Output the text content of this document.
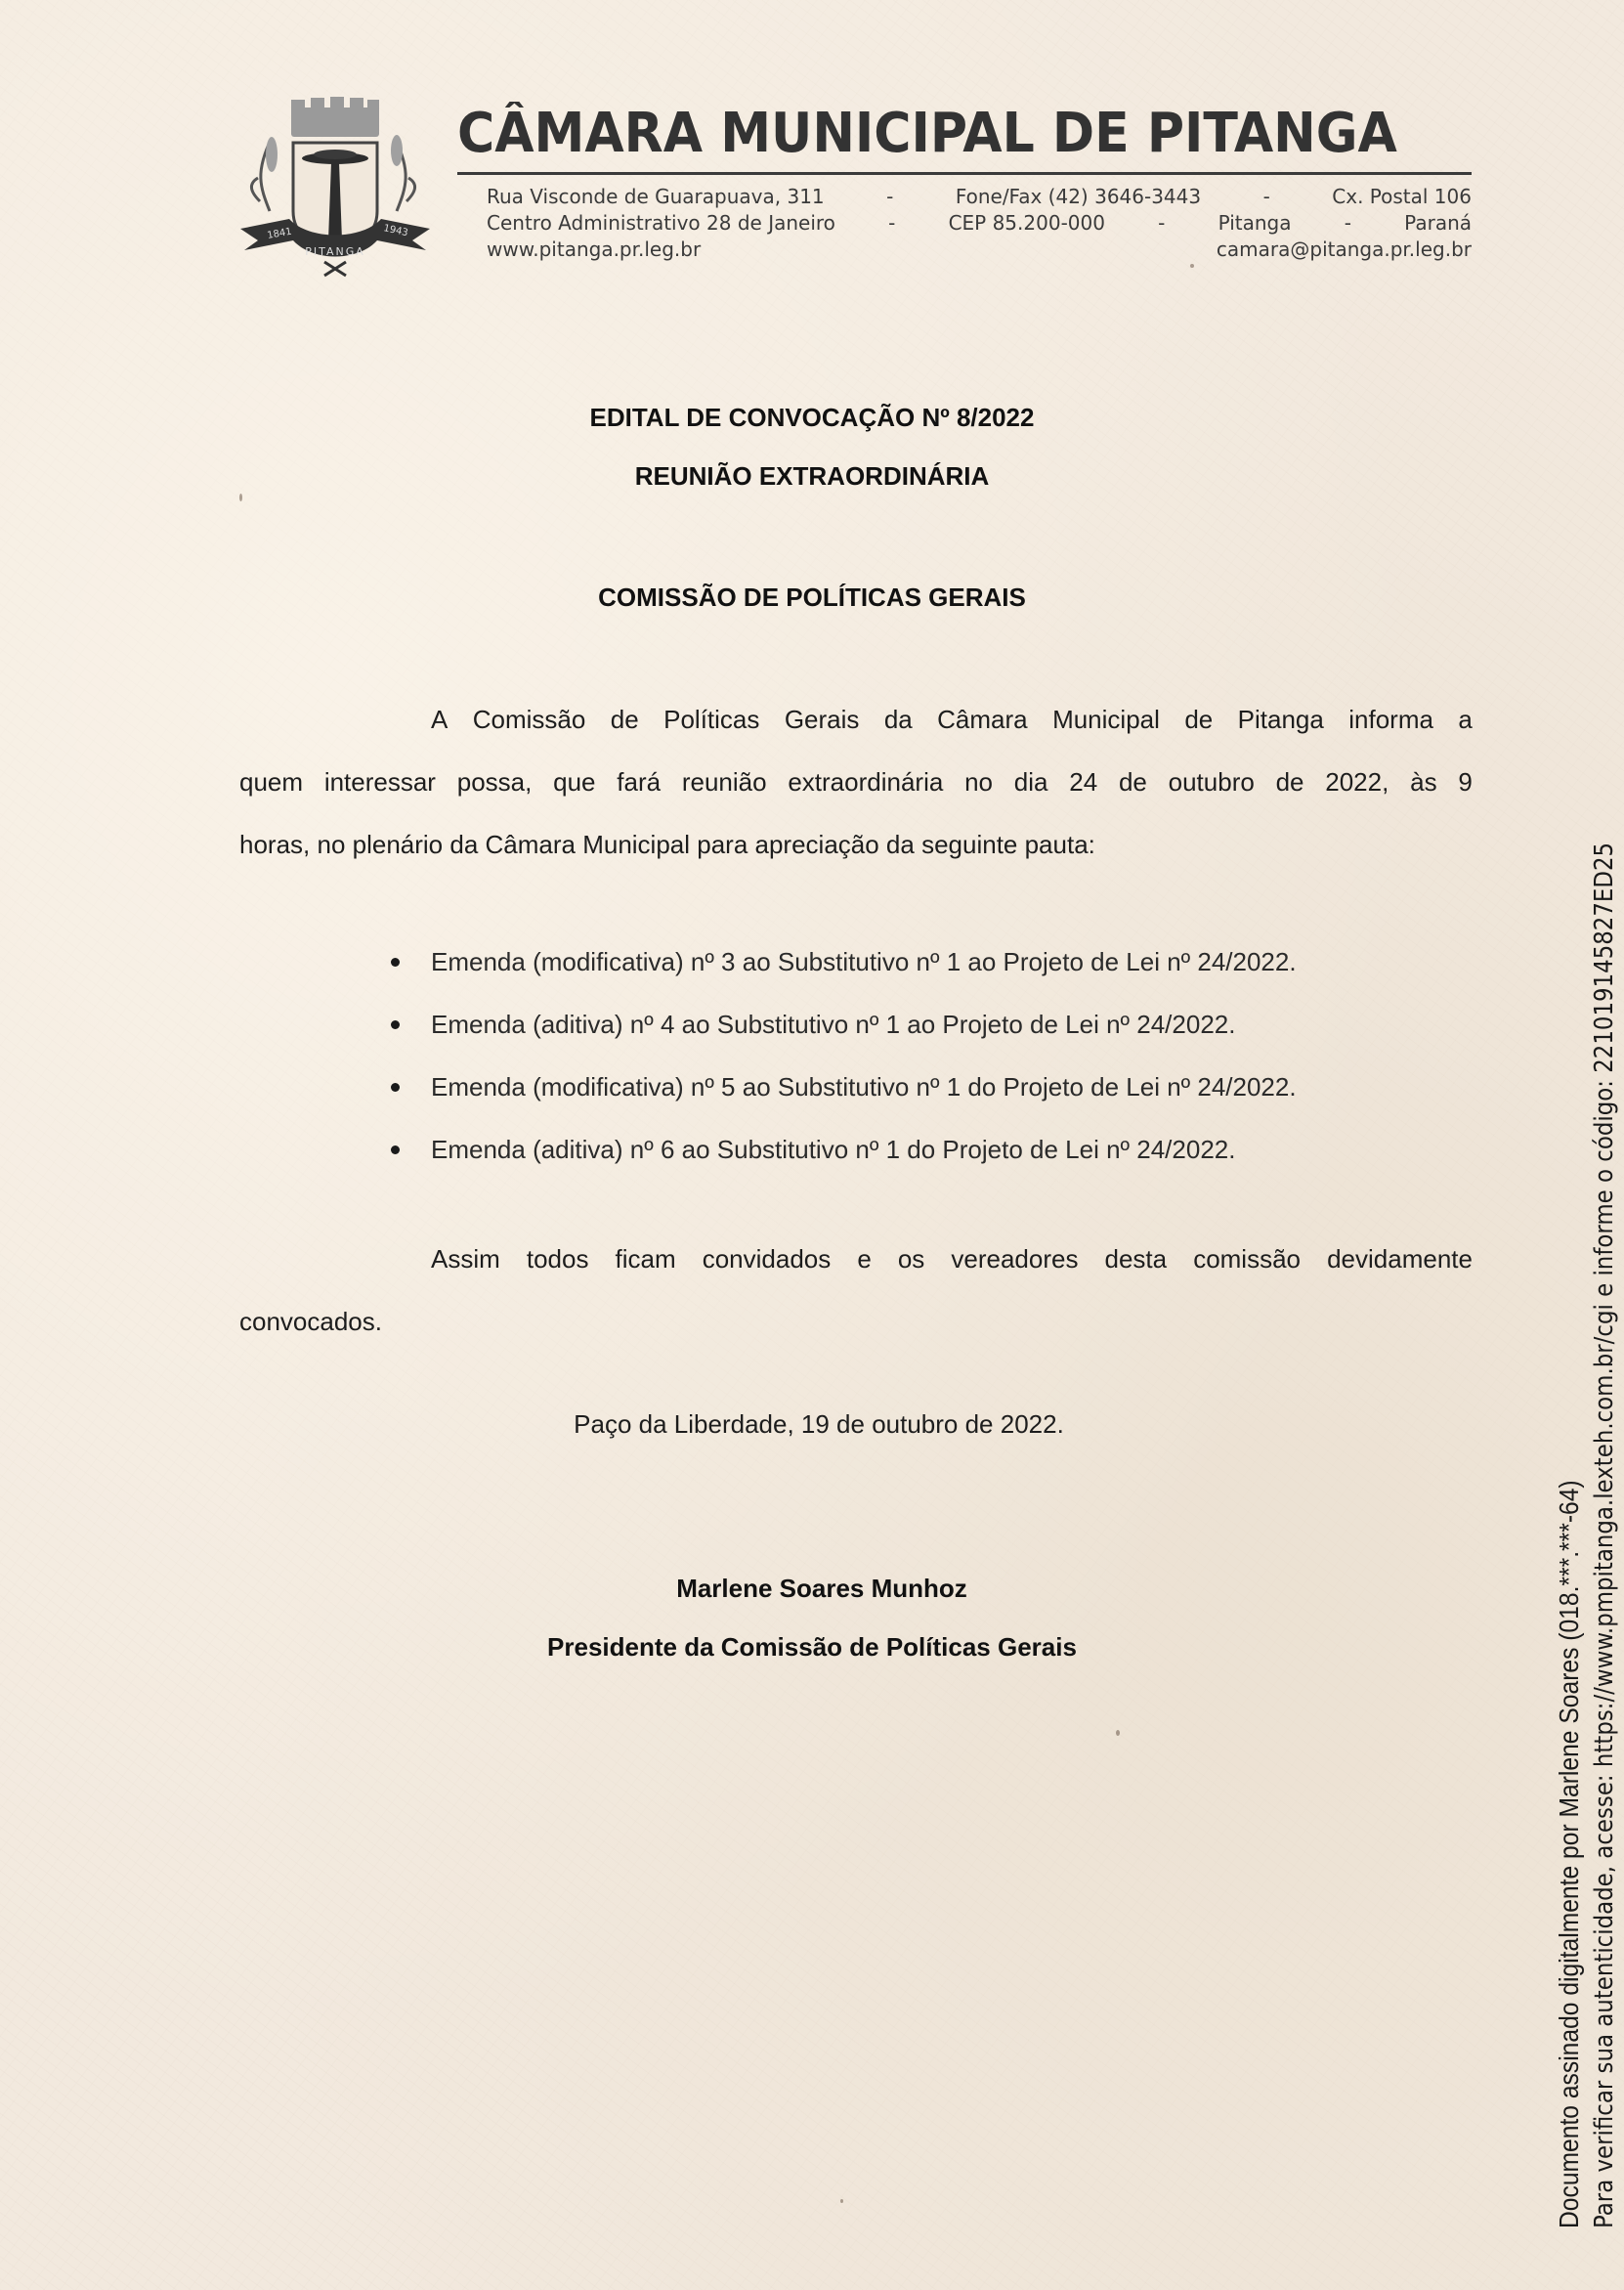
1841	1943
PITANGA
CÂMARA MUNICIPAL DE PITANGA
Rua Visconde de Guarapuava, 311	-	Fone/Fax (42) 3646-3443	-	Cx. Postal 106
Centro Administrativo 28 de Janeiro	-	CEP 85.200-000	-	Pitanga	-	Paraná
www.pitanga.pr.leg.br	camara@pitanga.pr.leg.br
EDITAL DE CONVOCAÇÃO Nº 8/2022
REUNIÃO EXTRAORDINÁRIA
COMISSÃO DE POLÍTICAS GERAIS
A Comissão de Políticas Gerais da Câmara Municipal de Pitanga informa a
quem interessar possa, que fará reunião extraordinária no dia 24 de outubro de 2022, às 9
horas, no plenário da Câmara Municipal para apreciação da seguinte pauta:
Emenda (modificativa) nº 3 ao Substitutivo nº 1 ao Projeto de Lei nº 24/2022.
Emenda (aditiva) nº 4 ao Substitutivo nº 1 ao Projeto de Lei nº 24/2022.
Emenda (modificativa) nº 5 ao Substitutivo nº 1 do Projeto de Lei nº 24/2022.
Emenda (aditiva) nº 6 ao Substitutivo nº 1 do Projeto de Lei nº 24/2022.
Assim todos ficam convidados e os vereadores desta comissão devidamente
convocados.
Paço da Liberdade, 19 de outubro de 2022.
Marlene Soares Munhoz
Presidente da Comissão de Políticas Gerais	Documento assinado digitalmente por Marlene Soares (018.***.***-64) Para verificar sua autenticidade, acesse: https://www.pmpitanga.lexteh.com.br/cgi e informe o código: 221019145827ED25
